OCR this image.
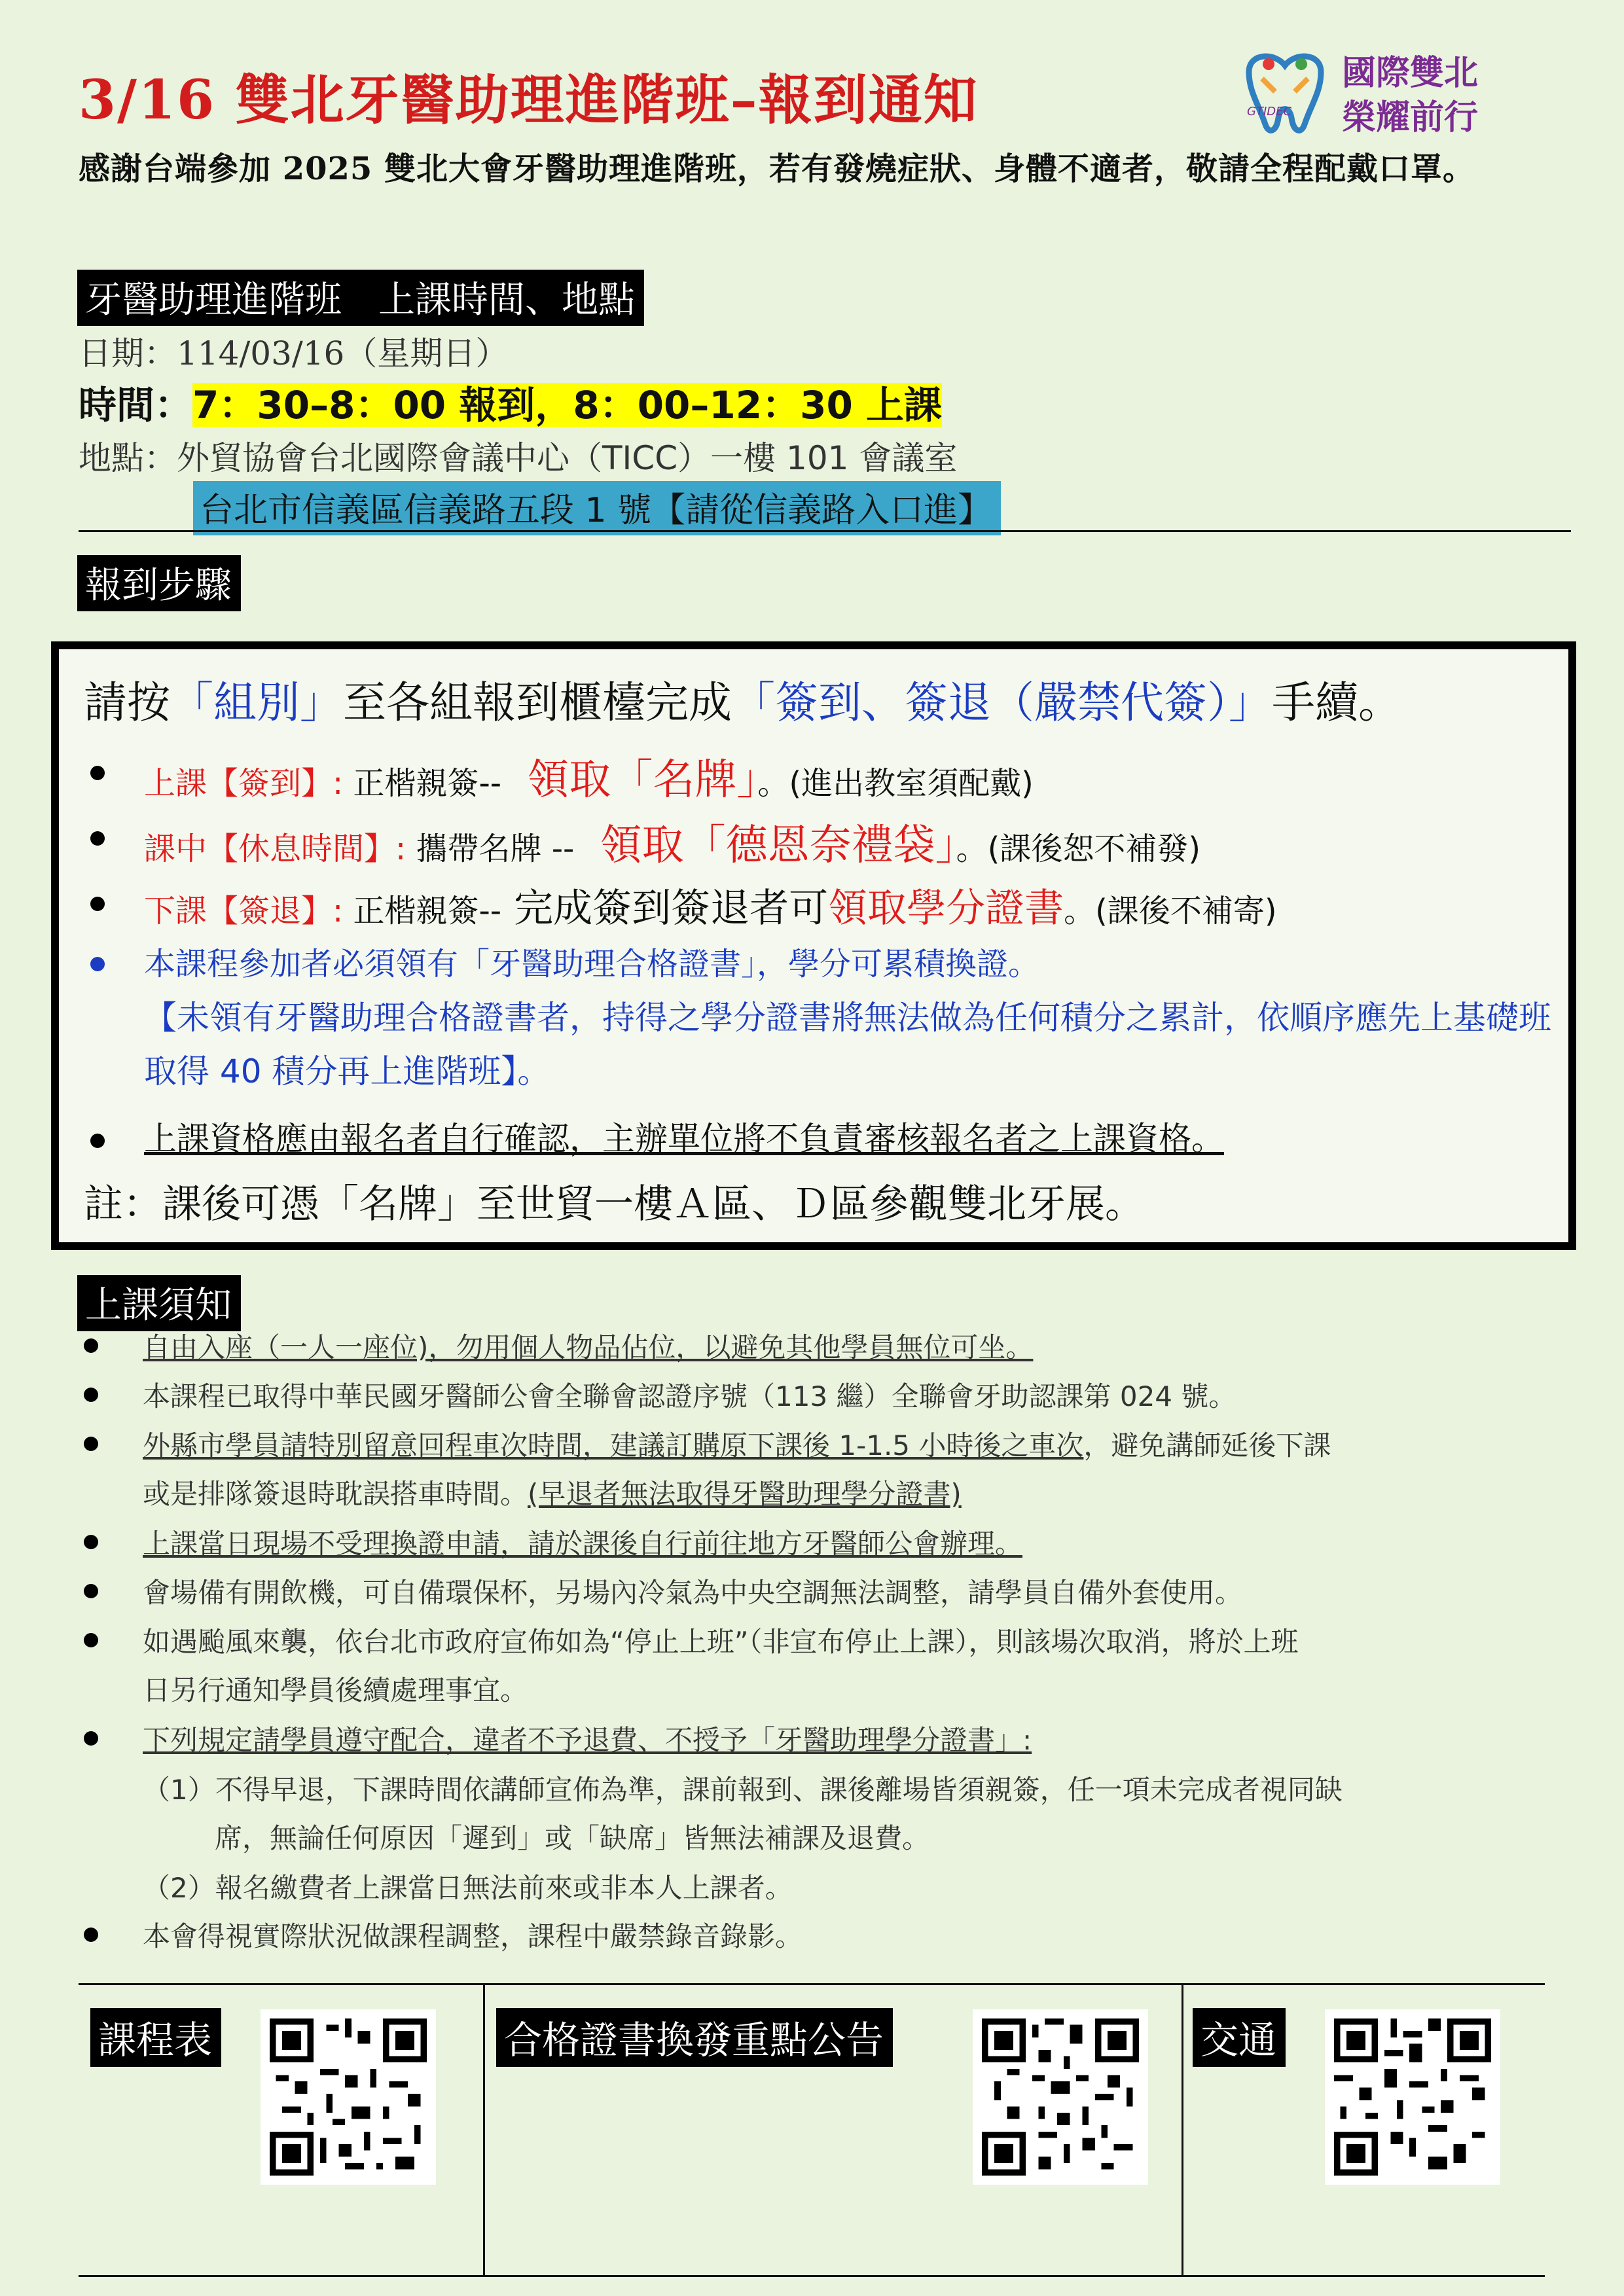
3/16 雙北牙醫助理進階班–報到通知	GTIDEC
國際雙北
榮耀前行
感謝台端參加 2025 雙北大會牙醫助理進階班，若有發燒症狀、身體不適者，敬請全程配戴口罩。
牙醫助理進階班　上課時間、地點
日期：114/03/16（星期日）
時間：7：30–8：00 報到，8：00–12：30 上課
地點：外貿協會台北國際會議中心（TICC）一樓 101 會議室
台北市信義區信義路五段 1 號【請從信義路入口進】
報到步驟
請按「組別」至各組報到櫃檯完成「簽到、簽退（嚴禁代簽）」手續。
上課【簽到】: 正楷親簽-- 領取「名牌」。(進出教室須配戴)
課中【休息時間】: 攜帶名牌 -- 領取「德恩奈禮袋」。(課後恕不補發)
下課【簽退】: 正楷親簽-- 完成簽到簽退者可領取學分證書。(課後不補寄)
本課程參加者必須領有「牙醫助理合格證書」，學分可累積換證。
【未領有牙醫助理合格證書者，持得之學分證書將無法做為任何積分之累計，依順序應先上基礎班取得 40 積分再上進階班】。
上課資格應由報名者自行確認，主辦單位將不負責審核報名者之上課資格。
註：課後可憑「名牌」至世貿一樓Ａ區、Ｄ區參觀雙北牙展。
上課須知
自由入座（一人一座位)，勿用個人物品佔位，以避免其他學員無位可坐。
本課程已取得中華民國牙醫師公會全聯會認證序號（113 繼）全聯會牙助認課第 024 號。
外縣市學員請特別留意回程車次時間，建議訂購原下課後 1-1.5 小時後之車次，避免講師延後下課
或是排隊簽退時耽誤搭車時間。(早退者無法取得牙醫助理學分證書)
上課當日現場不受理換證申請，請於課後自行前往地方牙醫師公會辦理。
會場備有開飲機，可自備環保杯，另場內冷氣為中央空調無法調整，請學員自備外套使用。
如遇颱風來襲，依台北市政府宣佈如為“停止上班”（非宣布停止上課），則該場次取消，將於上班
日另行通知學員後續處理事宜。
下列規定請學員遵守配合，違者不予退費、不授予「牙醫助理學分證書」:
（1）不得早退，下課時間依講師宣佈為準，課前報到、課後離場皆須親簽，任一項未完成者視同缺
席，無論任何原因「遲到」或「缺席」皆無法補課及退費。
（2）報名繳費者上課當日無法前來或非本人上課者。
本會得視實際狀況做課程調整，課程中嚴禁錄音錄影。
課程表	合格證書換發重點公告	交通
